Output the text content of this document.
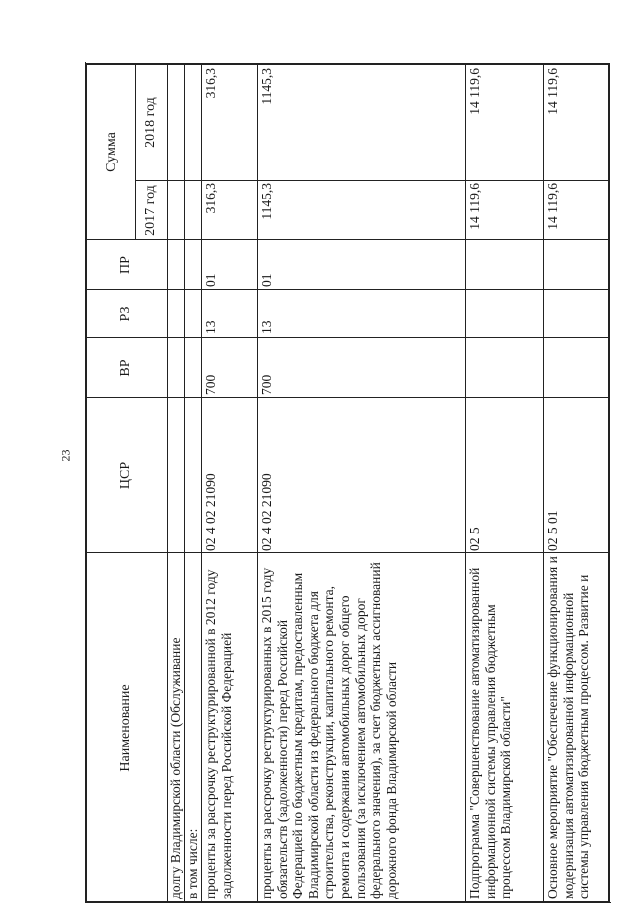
23
Наименование
ЦСР
ВР
РЗ
ПР
Сумма
2017 год
2018 год
долгу Владимирской области (Обслуживание
в том числе: проценты за рассрочку реструктурированной в 2012 году задолженности перед Российской Федерацией
02 4 02 21090
700
13
01
316,3
316,3
проценты за рассрочку реструктурированных в 2015 году обязательств (задолженности) перед Российской Федерацией по бюджетным кредитам, предоставленным Владимирской области из федерального бюджета для строительства, реконструкции, капитального ремонта, ремонта и содержания автомобильных дорог общего пользования (за исключением автомобильных дорог федерального значения), за счет бюджетных ассигнований дорожного фонда Владимирской области
02 4 02 21090
700
13
01
1145,3
1145,3
Подпрограмма "Совершенствование автоматизированной информационной системы управления бюджетным процессом Владимирской области"
02 5
14 119,6
14 119,6
Основное мероприятие "Обеспечение функционирования и модернизация автоматизированной информационной системы управления бюджетным процессом. Развитие и
02 5 01
14 119,6
14 119,6
